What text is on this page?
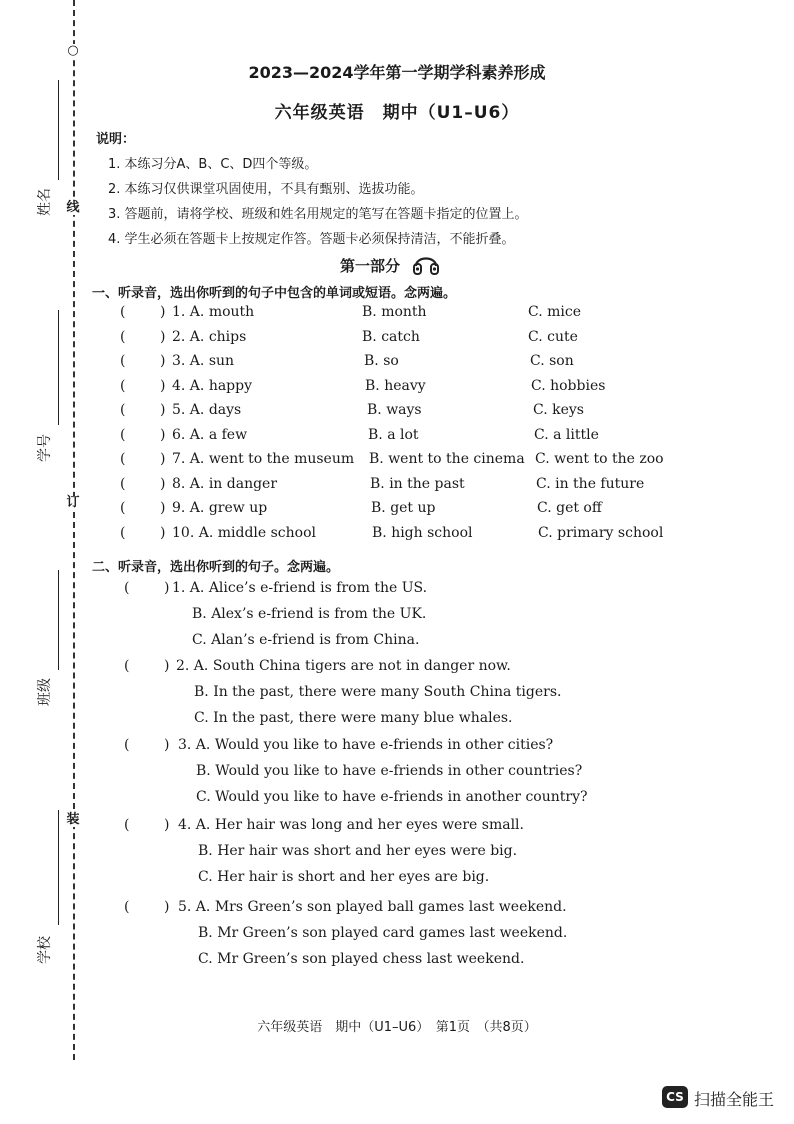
○
线
订
装
姓名
学号
班级
学校
2023—2024学年第一学期学科素养形成
六年级英语　期中（U1–U6）
说明：
1. 本练习分A、B、C、D四个等级。
2. 本练习仅供课堂巩固使用，不具有甄别、选拔功能。
3. 答题前，请将学校、班级和姓名用规定的笔写在答题卡指定的位置上。
4. 学生必须在答题卡上按规定作答。答题卡必须保持清洁，不能折叠。
第一部分
一、听录音，选出你听到的句子中包含的单词或短语。念两遍。
( ) 1. A. mouth	B. month	C. mice
( ) 2. A. chips	B. catch	C. cute
( ) 3. A. sun	B. so	C. son
( ) 4. A. happy	B. heavy	C. hobbies
( ) 5. A. days	B. ways	C. keys
( ) 6. A. a few	B. a lot	C. a little
( ) 7. A. went to the museum B. went to the cinema C. went to the zoo
( ) 8. A. in danger	B. in the past	C. in the future
( ) 9. A. grew up	B. get up	C. get off
( ) 10. A. middle school	B. high school	C. primary school
二、听录音，选出你听到的句子。念两遍。
( ) 1. A. Alice’s e-friend is from the US.
B. Alex’s e-friend is from the UK.
C. Alan’s e-friend is from China.
( ) 2. A. South China tigers are not in danger now.
B. In the past, there were many South China tigers.
C. In the past, there were many blue whales.
( ) 3. A. Would you like to have e-friends in other cities?
B. Would you like to have e-friends in other countries?
C. Would you like to have e-friends in another country?
( ) 4. A. Her hair was long and her eyes were small.
B. Her hair was short and her eyes were big.
C. Her hair is short and her eyes are big.
( ) 5. A. Mrs Green’s son played ball games last weekend.
B. Mr Green’s son played card games last weekend.
C. Mr Green’s son played chess last weekend.
六年级英语　期中（U1–U6）　第1页　（共8页）
CS 扫描全能王
